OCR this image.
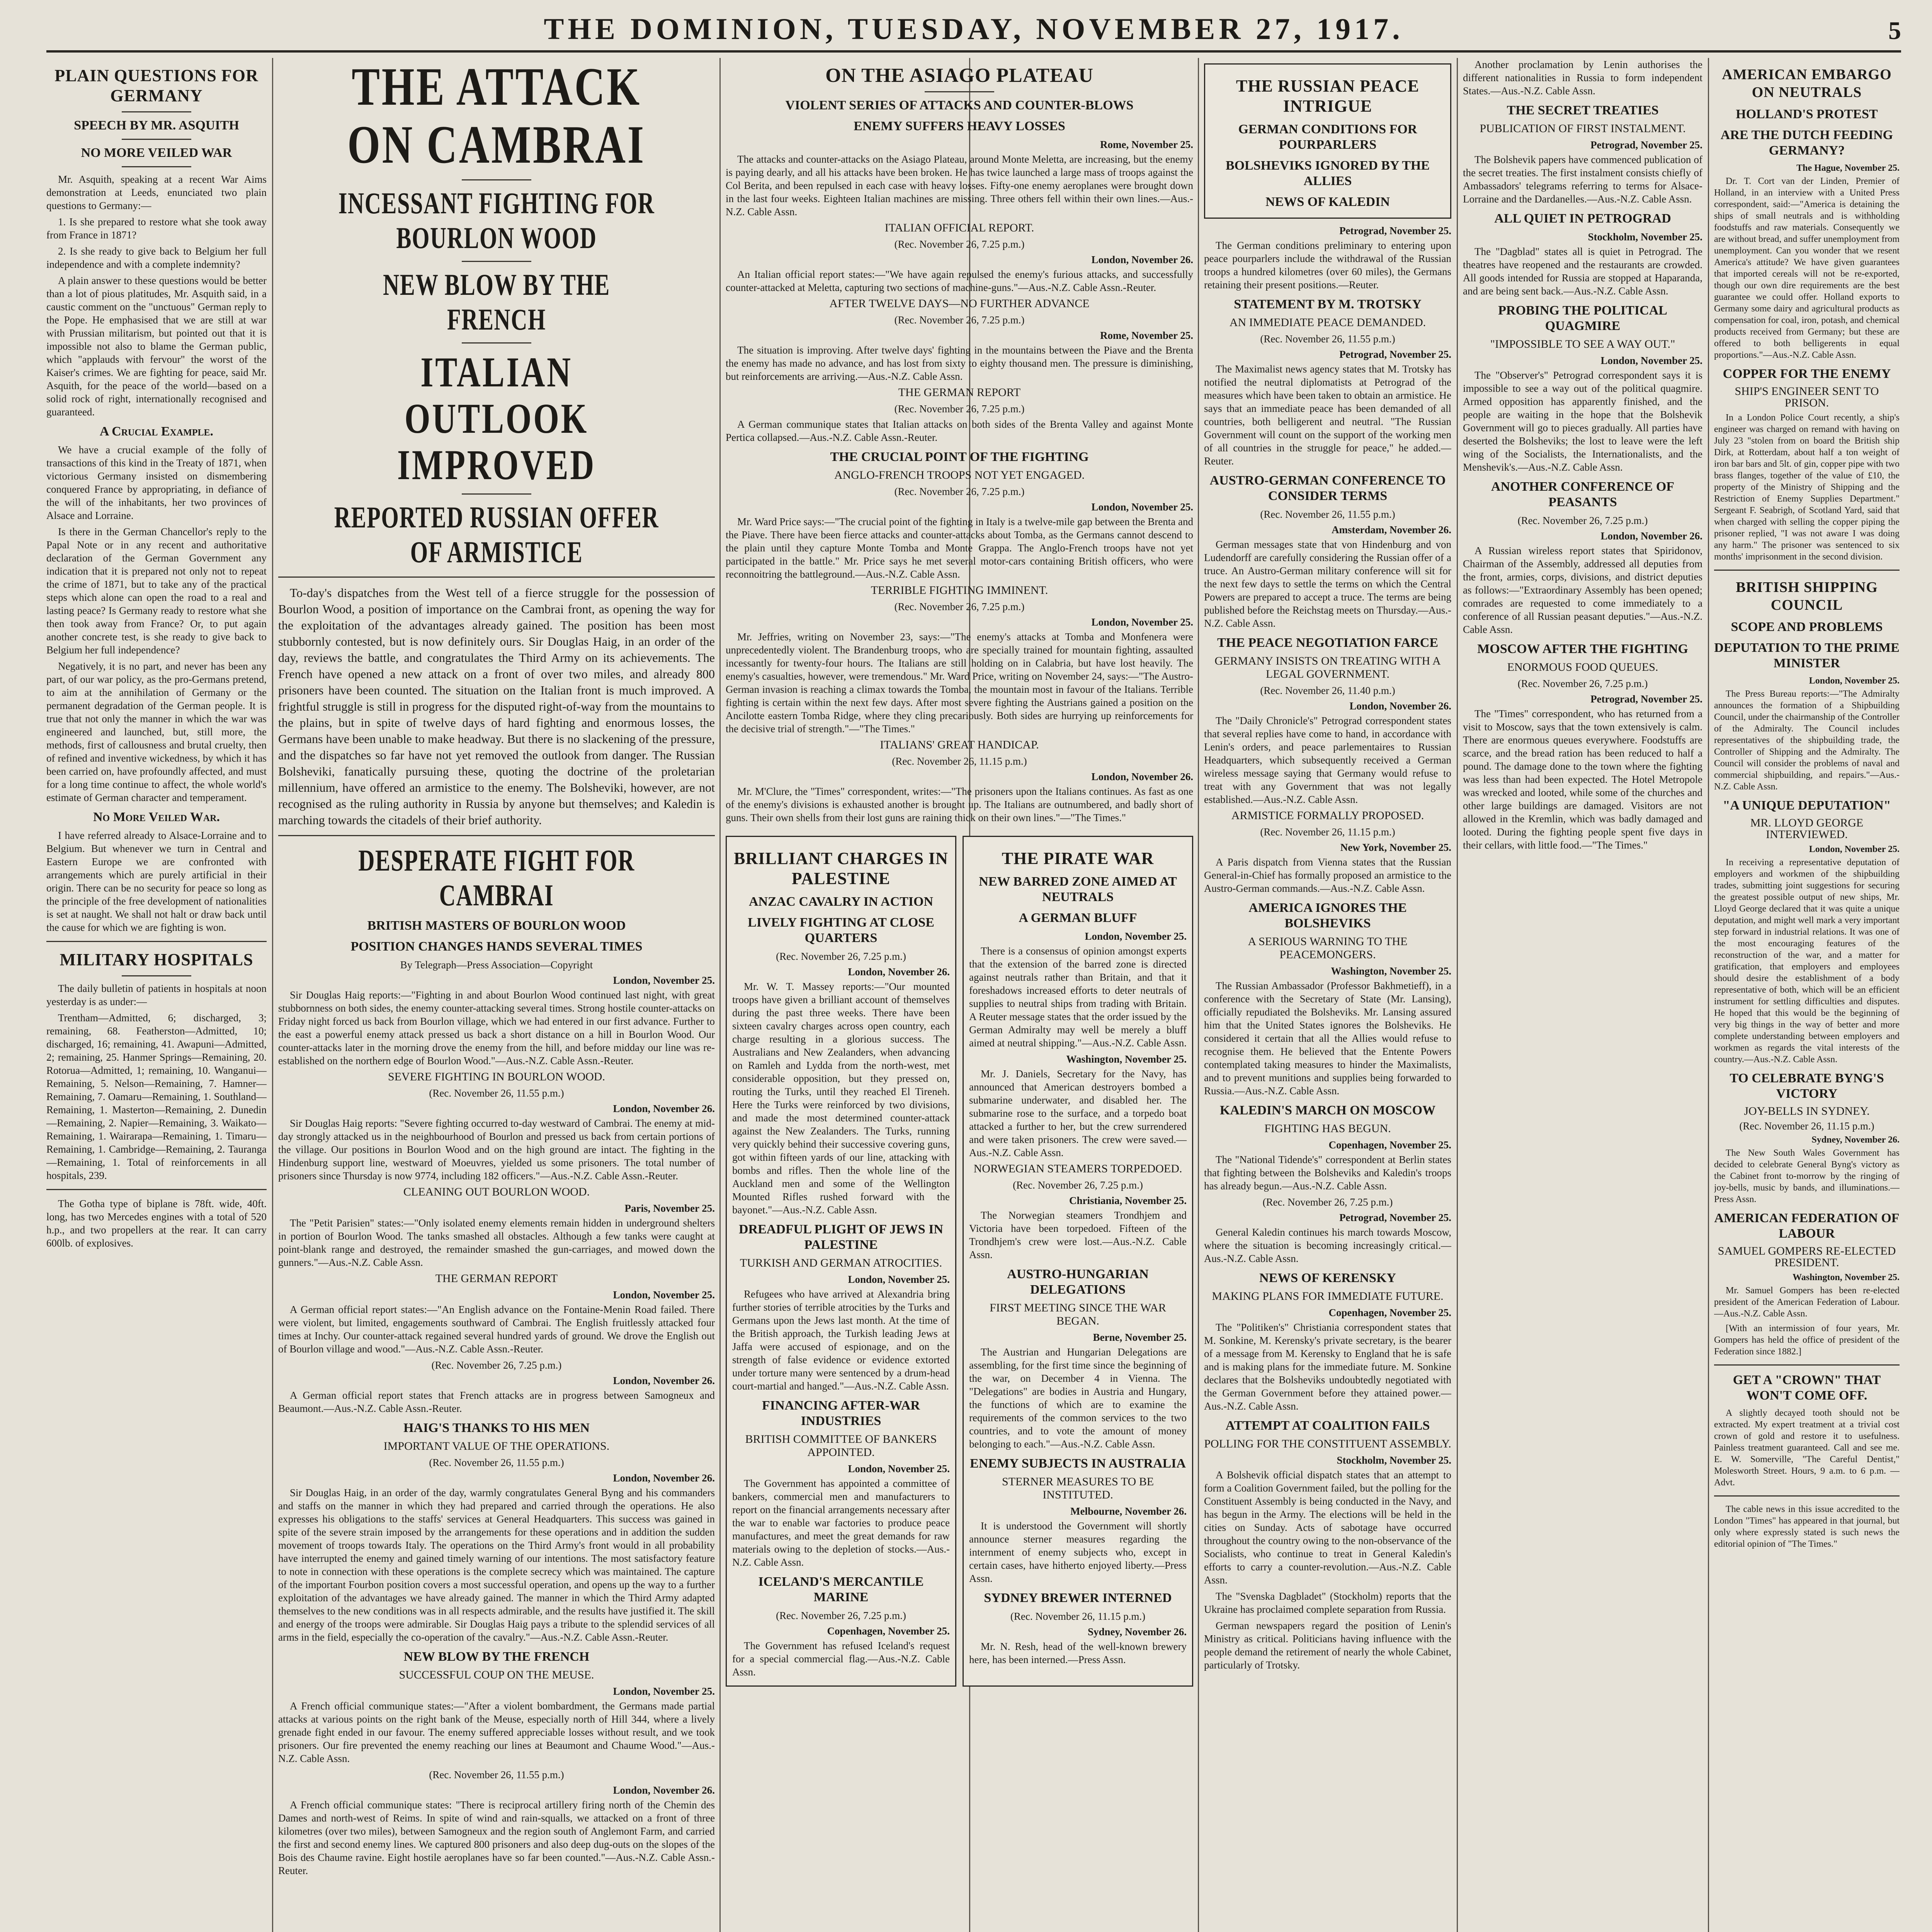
THE DOMINION, TUESDAY, NOVEMBER 27, 1917.	5
PLAIN QUESTIONS FOR GERMANY
SPEECH BY MR. ASQUITH
NO MORE VEILED WAR

Mr. Asquith, speaking at a recent War Aims demonstration at Leeds, enunciated two plain questions to Germany:—

1. Is she prepared to restore what she took away from France in 1871?

2. Is she ready to give back to Belgium her full independence and with a complete indemnity?

A plain answer to these questions would be better than a lot of pious platitudes, Mr. Asquith said, in a caustic comment on the "unctuous" German reply to the Pope. He emphasised that we are still at war with Prussian militarism, but pointed out that it is impossible not also to blame the German public, which "applauds with fervour" the worst of the Kaiser's crimes. We are fighting for peace, said Mr. Asquith, for the peace of the world—based on a solid rock of right, internationally recognised and guaranteed.

A Crucial Example.

We have a crucial example of the folly of transactions of this kind in the Treaty of 1871, when victorious Germany insisted on dismembering conquered France by appropriating, in defiance of the will of the inhabitants, her two provinces of Alsace and Lorraine.

Is there in the German Chancellor's reply to the Papal Note or in any recent and authoritative declaration of the German Government any indication that it is prepared not only not to repeat the crime of 1871, but to take any of the practical steps which alone can open the road to a real and lasting peace? Is Germany ready to restore what she then took away from France? Or, to put again another concrete test, is she ready to give back to Belgium her full independence?

Negatively, it is no part, and never has been any part, of our war policy, as the pro-Germans pretend, to aim at the annihilation of Germany or the permanent degradation of the German people. It is true that not only the manner in which the war was engineered and launched, but, still more, the methods, first of callousness and brutal cruelty, then of refined and inventive wickedness, by which it has been carried on, have profoundly affected, and must for a long time continue to affect, the whole world's estimate of German character and temperament.

No More Veiled War.

I have referred already to Alsace-Lorraine and to Belgium. But whenever we turn in Central and Eastern Europe we are confronted with arrangements which are purely artificial in their origin. There can be no security for peace so long as the principle of the free development of nationalities is set at naught. We shall not halt or draw back until the cause for which we are fighting is won.

MILITARY HOSPITALS

The daily bulletin of patients in hospitals at noon yesterday is as under:—

Trentham—Admitted, 6; discharged, 3; remaining, 68. Featherston—Admitted, 10; discharged, 16; remaining, 41. Awapuni—Admitted, 2; remaining, 25. Hanmer Springs—Remaining, 20. Rotorua—Admitted, 1; remaining, 10. Wanganui—Remaining, 5. Nelson—Remaining, 7. Hamner—Remaining, 7. Oamaru—Remaining, 1. Southland—Remaining, 1. Masterton—Remaining, 2. Dunedin—Remaining, 2. Napier—Remaining, 3. Waikato—Remaining, 1. Wairarapa—Remaining, 1. Timaru—Remaining, 1. Cambridge—Remaining, 2. Tauranga—Remaining, 1. Total of reinforcements in all hospitals, 239.

The Gotha type of biplane is 78ft. wide, 40ft. long, has two Mercedes engines with a total of 520 h.p., and two propellers at the rear. It can carry 600lb. of explosives.

THE ATTACK ON CAMBRAI
INCESSANT FIGHTING FOR BOURLON WOOD
NEW BLOW BY THE FRENCH
ITALIAN OUTLOOK IMPROVED
REPORTED RUSSIAN OFFER OF ARMISTICE

To-day's dispatches from the West tell of a fierce struggle for the possession of Bourlon Wood, a position of importance on the Cambrai front, as opening the way for the exploitation of the advantages already gained. The position has been most stubbornly contested, but is now definitely ours. Sir Douglas Haig, in an order of the day, reviews the battle, and congratulates the Third Army on its achievements. The French have opened a new attack on a front of over two miles, and already 800 prisoners have been counted. The situation on the Italian front is much improved. A frightful struggle is still in progress for the disputed right-of-way from the mountains to the plains, but in spite of twelve days of hard fighting and enormous losses, the Germans have been unable to make headway. But there is no slackening of the pressure, and the dispatches so far have not yet removed the outlook from danger. The Russian Bolsheviki, fanatically pursuing these, quoting the doctrine of the proletarian millennium, have offered an armistice to the enemy. The Bolsheviki, however, are not recognised as the ruling authority in Russia by anyone but themselves; and Kaledin is marching towards the citadels of their brief authority.

DESPERATE FIGHT FOR CAMBRAI
BRITISH MASTERS OF BOURLON WOOD
POSITION CHANGES HANDS SEVERAL TIMES
By Telegraph—Press Association—Copyright
London, November 25.

Sir Douglas Haig reports:—"Fighting in and about Bourlon Wood continued last night, with great stubbornness on both sides, the enemy counter-attacking several times. Strong hostile counter-attacks on Friday night forced us back from Bourlon village, which we had entered in our first advance. Further to the east a powerful enemy attack pressed us back a short distance on a hill in Bourlon Wood. Our counter-attacks later in the morning drove the enemy from the hill, and before midday our line was re-established on the northern edge of Bourlon Wood."—Aus.-N.Z. Cable Assn.-Reuter.

SEVERE FIGHTING IN BOURLON WOOD.
(Rec. November 26, 11.55 p.m.)
London, November 26.

Sir Douglas Haig reports: "Severe fighting occurred to-day westward of Cambrai. The enemy at mid-day strongly attacked us in the neighbourhood of Bourlon and pressed us back from certain portions of the village. Our positions in Bourlon Wood and on the high ground are intact. The fighting in the Hindenburg support line, westward of Moeuvres, yielded us some prisoners. The total number of prisoners since Thursday is now 9774, including 182 officers."—Aus.-N.Z. Cable Assn.-Reuter.

CLEANING OUT BOURLON WOOD.
Paris, November 25.

The "Petit Parisien" states:—"Only isolated enemy elements remain hidden in underground shelters in portion of Bourlon Wood. The tanks smashed all obstacles. Although a few tanks were caught at point-blank range and destroyed, the remainder smashed the gun-carriages, and mowed down the gunners."—Aus.-N.Z. Cable Assn.

THE GERMAN REPORT
London, November 25.

A German official report states:—"An English advance on the Fontaine-Menin Road failed. There were violent, but limited, engagements southward of Cambrai. The English fruitlessly attacked four times at Inchy. Our counter-attack regained several hundred yards of ground. We drove the English out of Bourlon village and wood."—Aus.-N.Z. Cable Assn.-Reuter.

(Rec. November 26, 7.25 p.m.)
London, November 26.

A German official report states that French attacks are in progress between Samogneux and Beaumont.—Aus.-N.Z. Cable Assn.-Reuter.

HAIG'S THANKS TO HIS MEN
IMPORTANT VALUE OF THE OPERATIONS.
(Rec. November 26, 11.55 p.m.)
London, November 26.

Sir Douglas Haig, in an order of the day, warmly congratulates General Byng and his commanders and staffs on the manner in which they had prepared and carried through the operations. He also expresses his obligations to the staffs' services at General Headquarters. This success was gained in spite of the severe strain imposed by the arrangements for these operations and in addition the sudden movement of troops towards Italy. The operations on the Third Army's front would in all probability have interrupted the enemy and gained timely warning of our intentions. The most satisfactory feature to note in connection with these operations is the complete secrecy which was maintained. The capture of the important Fourbon position covers a most successful operation, and opens up the way to a further exploitation of the advantages we have already gained. The manner in which the Third Army adapted themselves to the new conditions was in all respects admirable, and the results have justified it. The skill and energy of the troops were admirable. Sir Douglas Haig pays a tribute to the splendid services of all arms in the field, especially the co-operation of the cavalry."—Aus.-N.Z. Cable Assn.-Reuter.

NEW BLOW BY THE FRENCH
SUCCESSFUL COUP ON THE MEUSE.
London, November 25.

A French official communique states:—"After a violent bombardment, the Germans made partial attacks at various points on the right bank of the Meuse, especially north of Hill 344, where a lively grenade fight ended in our favour. The enemy suffered appreciable losses without result, and we took prisoners. Our fire prevented the enemy reaching our lines at Beaumont and Chaume Wood."—Aus.-N.Z. Cable Assn.

(Rec. November 26, 11.55 p.m.)
London, November 26.

A French official communique states: "There is reciprocal artillery firing north of the Chemin des Dames and north-west of Reims. In spite of wind and rain-squalls, we attacked on a front of three kilometres (over two miles), between Samogneux and the region south of Anglemont Farm, and carried the first and second enemy lines. We captured 800 prisoners and also deep dug-outs on the slopes of the Bois des Chaume ravine. Eight hostile aeroplanes have so far been counted."—Aus.-N.Z. Cable Assn.-Reuter.

ON THE ASIAGO PLATEAU
VIOLENT SERIES OF ATTACKS AND COUNTER-BLOWS
ENEMY SUFFERS HEAVY LOSSES
Rome, November 25.

The attacks and counter-attacks on the Asiago Plateau, around Monte Meletta, are increasing, but the enemy is paying dearly, and all his attacks have been broken. He has twice launched a large mass of troops against the Col Berita, and been repulsed in each case with heavy losses. Fifty-one enemy aeroplanes were brought down in the last four weeks. Eighteen Italian machines are missing. Three others fell within their own lines.—Aus.-N.Z. Cable Assn.

ITALIAN OFFICIAL REPORT.
(Rec. November 26, 7.25 p.m.)
London, November 26.

An Italian official report states:—"We have again repulsed the enemy's furious attacks, and successfully counter-attacked at Meletta, capturing two sections of machine-guns."—Aus.-N.Z. Cable Assn.-Reuter.

AFTER TWELVE DAYS—NO FURTHER ADVANCE
(Rec. November 26, 7.25 p.m.)
Rome, November 25.

The situation is improving. After twelve days' fighting in the mountains between the Piave and the Brenta the enemy has made no advance, and has lost from sixty to eighty thousand men. The pressure is diminishing, but reinforcements are arriving.—Aus.-N.Z. Cable Assn.

THE GERMAN REPORT
(Rec. November 26, 7.25 p.m.)

A German communique states that Italian attacks on both sides of the Brenta Valley and against Monte Pertica collapsed.—Aus.-N.Z. Cable Assn.-Reuter.

THE CRUCIAL POINT OF THE FIGHTING
ANGLO-FRENCH TROOPS NOT YET ENGAGED.
(Rec. November 26, 7.25 p.m.)
London, November 25.

Mr. Ward Price says:—"The crucial point of the fighting in Italy is a twelve-mile gap between the Brenta and the Piave. There have been fierce attacks and counter-attacks about Tomba, as the Germans cannot descend to the plain until they capture Monte Tomba and Monte Grappa. The Anglo-French troops have not yet participated in the battle." Mr. Price says he met several motor-cars containing British officers, who were reconnoitring the battleground.—Aus.-N.Z. Cable Assn.

TERRIBLE FIGHTING IMMINENT.
(Rec. November 26, 7.25 p.m.)
London, November 25.

Mr. Jeffries, writing on November 23, says:—"The enemy's attacks at Tomba and Monfenera were unprecedentedly violent. The Brandenburg troops, who are specially trained for mountain fighting, assaulted incessantly for twenty-four hours. The Italians are still holding on in Calabria, but have lost heavily. The enemy's casualties, however, were tremendous." Mr. Ward Price, writing on November 24, says:—"The Austro-German invasion is reaching a climax towards the Tomba, the mountain most in favour of the Italians. Terrible fighting is certain within the next few days. After most severe fighting the Austrians gained a position on the Ancilotte eastern Tomba Ridge, where they cling precariously. Both sides are hurrying up reinforcements for the decisive trial of strength."—"The Times."

ITALIANS' GREAT HANDICAP.
(Rec. November 26, 11.15 p.m.)
London, November 26.

Mr. M'Clure, the "Times" correspondent, writes:—"The prisoners upon the Italians continues. As fast as one of the enemy's divisions is exhausted another is brought up. The Italians are outnumbered, and badly short of guns. Their own shells from their lost guns are raining thick on their own lines."—"The Times."

BRILLIANT CHARGES IN PALESTINE
ANZAC CAVALRY IN ACTION
LIVELY FIGHTING AT CLOSE QUARTERS
(Rec. November 26, 7.25 p.m.)
London, November 26.

Mr. W. T. Massey reports:—"Our mounted troops have given a brilliant account of themselves during the past three weeks. There have been sixteen cavalry charges across open country, each charge resulting in a glorious success. The Australians and New Zealanders, when advancing on Ramleh and Lydda from the north-west, met considerable opposition, but they pressed on, routing the Turks, until they reached El Tireneh. Here the Turks were reinforced by two divisions, and made the most determined counter-attack against the New Zealanders. The Turks, running very quickly behind their successive covering guns, got within fifteen yards of our line, attacking with bombs and rifles. Then the whole line of the Auckland men and some of the Wellington Mounted Rifles rushed forward with the bayonet."—Aus.-N.Z. Cable Assn.

DREADFUL PLIGHT OF JEWS IN PALESTINE
TURKISH AND GERMAN ATROCITIES.
London, November 25.

Refugees who have arrived at Alexandria bring further stories of terrible atrocities by the Turks and Germans upon the Jews last month. At the time of the British approach, the Turkish leading Jews at Jaffa were accused of espionage, and on the strength of false evidence or evidence extorted under torture many were sentenced by a drum-head court-martial and hanged."—Aus.-N.Z. Cable Assn.

FINANCING AFTER-WAR INDUSTRIES
BRITISH COMMITTEE OF BANKERS APPOINTED.
London, November 25.

The Government has appointed a committee of bankers, commercial men and manufacturers to report on the financial arrangements necessary after the war to enable war factories to produce peace manufactures, and meet the great demands for raw materials owing to the depletion of stocks.—Aus.-N.Z. Cable Assn.

ICELAND'S MERCANTILE MARINE
(Rec. November 26, 7.25 p.m.)
Copenhagen, November 25.

The Government has refused Iceland's request for a special commercial flag.—Aus.-N.Z. Cable Assn.

THE PIRATE WAR
NEW BARRED ZONE AIMED AT NEUTRALS
A GERMAN BLUFF
London, November 25.

There is a consensus of opinion amongst experts that the extension of the barred zone is directed against neutrals rather than Britain, and that it foreshadows increased efforts to deter neutrals of supplies to neutral ships from trading with Britain. A Reuter message states that the order issued by the German Admiralty may well be merely a bluff aimed at neutral shipping."—Aus.-N.Z. Cable Assn.

Washington, November 25.

Mr. J. Daniels, Secretary for the Navy, has announced that American destroyers bombed a submarine underwater, and disabled her. The submarine rose to the surface, and a torpedo boat attacked a further to her, but the crew surrendered and were taken prisoners. The crew were saved.—Aus.-N.Z. Cable Assn.

NORWEGIAN STEAMERS TORPEDOED.
(Rec. November 26, 7.25 p.m.)
Christiania, November 25.

The Norwegian steamers Trondhjem and Victoria have been torpedoed. Fifteen of the Trondhjem's crew were lost.—Aus.-N.Z. Cable Assn.

AUSTRO-HUNGARIAN DELEGATIONS
FIRST MEETING SINCE THE WAR BEGAN.
Berne, November 25.

The Austrian and Hungarian Delegations are assembling, for the first time since the beginning of the war, on December 4 in Vienna. The "Delegations" are bodies in Austria and Hungary, the functions of which are to examine the requirements of the common services to the two countries, and to vote the amount of money belonging to each."—Aus.-N.Z. Cable Assn.

ENEMY SUBJECTS IN AUSTRALIA
STERNER MEASURES TO BE INSTITUTED.
Melbourne, November 26.

It is understood the Government will shortly announce sterner measures regarding the internment of enemy subjects who, except in certain cases, have hitherto enjoyed liberty.—Press Assn.

SYDNEY BREWER INTERNED
(Rec. November 26, 11.15 p.m.)
Sydney, November 26.

Mr. N. Resh, head of the well-known brewery here, has been interned.—Press Assn.

THE RUSSIAN PEACE INTRIGUE
GERMAN CONDITIONS FOR POURPARLERS
BOLSHEVIKS IGNORED BY THE ALLIES
NEWS OF KALEDIN
Petrograd, November 25.

The German conditions preliminary to entering upon peace pourparlers include the withdrawal of the Russian troops a hundred kilometres (over 60 miles), the Germans retaining their present positions.—Reuter.

STATEMENT BY M. TROTSKY
AN IMMEDIATE PEACE DEMANDED.
(Rec. November 26, 11.55 p.m.)
Petrograd, November 25.

The Maximalist news agency states that M. Trotsky has notified the neutral diplomatists at Petrograd of the measures which have been taken to obtain an armistice. He says that an immediate peace has been demanded of all countries, both belligerent and neutral. "The Russian Government will count on the support of the working men of all countries in the struggle for peace," he added.—Reuter.

AUSTRO-GERMAN CONFERENCE TO CONSIDER TERMS
(Rec. November 26, 11.55 p.m.)
Amsterdam, November 26.

German messages state that von Hindenburg and von Ludendorff are carefully considering the Russian offer of a truce. An Austro-German military conference will sit for the next few days to settle the terms on which the Central Powers are prepared to accept a truce. The terms are being published before the Reichstag meets on Thursday.—Aus.-N.Z. Cable Assn.

THE PEACE NEGOTIATION FARCE
GERMANY INSISTS ON TREATING WITH A LEGAL GOVERNMENT.
(Rec. November 26, 11.40 p.m.)
London, November 26.

The "Daily Chronicle's" Petrograd correspondent states that several replies have come to hand, in accordance with Lenin's orders, and peace parlementaires to Russian Headquarters, which subsequently received a German wireless message saying that Germany would refuse to treat with any Government that was not legally established.—Aus.-N.Z. Cable Assn.

ARMISTICE FORMALLY PROPOSED.
(Rec. November 26, 11.15 p.m.)
New York, November 25.

A Paris dispatch from Vienna states that the Russian General-in-Chief has formally proposed an armistice to the Austro-German commands.—Aus.-N.Z. Cable Assn.

AMERICA IGNORES THE BOLSHEVIKS
A SERIOUS WARNING TO THE PEACEMONGERS.
Washington, November 25.

The Russian Ambassador (Professor Bakhmetieff), in a conference with the Secretary of State (Mr. Lansing), officially repudiated the Bolsheviks. Mr. Lansing assured him that the United States ignores the Bolsheviks. He considered it certain that all the Allies would refuse to recognise them. He believed that the Entente Powers contemplated taking measures to hinder the Maximalists, and to prevent munitions and supplies being forwarded to Russia.—Aus.-N.Z. Cable Assn.

KALEDIN'S MARCH ON MOSCOW
FIGHTING HAS BEGUN.
Copenhagen, November 25.

The "National Tidende's" correspondent at Berlin states that fighting between the Bolsheviks and Kaledin's troops has already begun.—Aus.-N.Z. Cable Assn.

(Rec. November 26, 7.25 p.m.)
Petrograd, November 25.

General Kaledin continues his march towards Moscow, where the situation is becoming increasingly critical.—Aus.-N.Z. Cable Assn.

NEWS OF KERENSKY
MAKING PLANS FOR IMMEDIATE FUTURE.
Copenhagen, November 25.

The "Politiken's" Christiania correspondent states that M. Sonkine, M. Kerensky's private secretary, is the bearer of a message from M. Kerensky to England that he is safe and is making plans for the immediate future. M. Sonkine declares that the Bolsheviks undoubtedly negotiated with the German Government before they attained power.—Aus.-N.Z. Cable Assn.

ATTEMPT AT COALITION FAILS
POLLING FOR THE CONSTITUENT ASSEMBLY.
Stockholm, November 25.

A Bolshevik official dispatch states that an attempt to form a Coalition Government failed, but the polling for the Constituent Assembly is being conducted in the Navy, and has begun in the Army. The elections will be held in the cities on Sunday. Acts of sabotage have occurred throughout the country owing to the non-observance of the Socialists, who continue to treat in General Kaledin's efforts to carry a counter-revolution.—Aus.-N.Z. Cable Assn.

The "Svenska Dagbladet" (Stockholm) reports that the Ukraine has proclaimed complete separation from Russia.

German newspapers regard the position of Lenin's Ministry as critical. Politicians having influence with the people demand the retirement of nearly the whole Cabinet, particularly of Trotsky.

Another proclamation by Lenin authorises the different nationalities in Russia to form independent States.—Aus.-N.Z. Cable Assn.

THE SECRET TREATIES
PUBLICATION OF FIRST INSTALMENT.
Petrograd, November 25.

The Bolshevik papers have commenced publication of the secret treaties. The first instalment consists chiefly of Ambassadors' telegrams referring to terms for Alsace-Lorraine and the Dardanelles.—Aus.-N.Z. Cable Assn.

ALL QUIET IN PETROGRAD
Stockholm, November 25.

The "Dagblad" states all is quiet in Petrograd. The theatres have reopened and the restaurants are crowded. All goods intended for Russia are stopped at Haparanda, and are being sent back.—Aus.-N.Z. Cable Assn.

PROBING THE POLITICAL QUAGMIRE
"IMPOSSIBLE TO SEE A WAY OUT."
London, November 25.

The "Observer's" Petrograd correspondent says it is impossible to see a way out of the political quagmire. Armed opposition has apparently finished, and the people are waiting in the hope that the Bolshevik Government will go to pieces gradually. All parties have deserted the Bolsheviks; the lost to leave were the left wing of the Socialists, the Internationalists, and the Menshevik's.—Aus.-N.Z. Cable Assn.

ANOTHER CONFERENCE OF PEASANTS
(Rec. November 26, 7.25 p.m.)
London, November 26.

A Russian wireless report states that Spiridonov, Chairman of the Assembly, addressed all deputies from the front, armies, corps, divisions, and district deputies as follows:—"Extraordinary Assembly has been opened; comrades are requested to come immediately to a conference of all Russian peasant deputies."—Aus.-N.Z. Cable Assn.

MOSCOW AFTER THE FIGHTING
ENORMOUS FOOD QUEUES.
(Rec. November 26, 7.25 p.m.)
Petrograd, November 25.

The "Times" correspondent, who has returned from a visit to Moscow, says that the town extensively is calm. There are enormous queues everywhere. Foodstuffs are scarce, and the bread ration has been reduced to half a pound. The damage done to the town where the fighting was less than had been expected. The Hotel Metropole was wrecked and looted, while some of the churches and other large buildings are damaged. Visitors are not allowed in the Kremlin, which was badly damaged and looted. During the fighting people spent five days in their cellars, with little food.—"The Times."

AMERICAN EMBARGO ON NEUTRALS
HOLLAND'S PROTEST
ARE THE DUTCH FEEDING GERMANY?
The Hague, November 25.

Dr. T. Cort van der Linden, Premier of Holland, in an interview with a United Press correspondent, said:—"America is detaining the ships of small neutrals and is withholding foodstuffs and raw materials. Consequently we are without bread, and suffer unemployment from unemployment. Can you wonder that we resent America's attitude? We have given guarantees that imported cereals will not be re-exported, though our own dire requirements are the best guarantee we could offer. Holland exports to Germany some dairy and agricultural products as compensation for coal, iron, potash, and chemical products received from Germany; but these are offered to both belligerents in equal proportions."—Aus.-N.Z. Cable Assn.

COPPER FOR THE ENEMY
SHIP'S ENGINEER SENT TO PRISON.

In a London Police Court recently, a ship's engineer was charged on remand with having on July 23 "stolen from on board the British ship Dirk, at Rotterdam, about half a ton weight of iron bar bars and 5lt. of gin, copper pipe with two brass flanges, together of the value of £10, the property of the Ministry of Shipping and the Restriction of Enemy Supplies Department." Sergeant F. Seabrigh, of Scotland Yard, said that when charged with selling the copper piping the prisoner replied, "I was not aware I was doing any harm." The prisoner was sentenced to six months' imprisonment in the second division.

BRITISH SHIPPING COUNCIL
SCOPE AND PROBLEMS
DEPUTATION TO THE PRIME MINISTER
London, November 25.

The Press Bureau reports:—"The Admiralty announces the formation of a Shipbuilding Council, under the chairmanship of the Controller of the Admiralty. The Council includes representatives of the shipbuilding trade, the Controller of Shipping and the Admiralty. The Council will consider the problems of naval and commercial shipbuilding, and repairs."—Aus.-N.Z. Cable Assn.

"A UNIQUE DEPUTATION"
MR. LLOYD GEORGE INTERVIEWED.
London, November 25.

In receiving a representative deputation of employers and workmen of the shipbuilding trades, submitting joint suggestions for securing the greatest possible output of new ships, Mr. Lloyd George declared that it was quite a unique deputation, and might well mark a very important step forward in industrial relations. It was one of the most encouraging features of the reconstruction of the war, and a matter for gratification, that employers and employees should desire the establishment of a body representative of both, which will be an efficient instrument for settling difficulties and disputes. He hoped that this would be the beginning of very big things in the way of better and more complete understanding between employers and workmen as regards the vital interests of the country.—Aus.-N.Z. Cable Assn.

TO CELEBRATE BYNG'S VICTORY
JOY-BELLS IN SYDNEY.
(Rec. November 26, 11.15 p.m.)
Sydney, November 26.

The New South Wales Government has decided to celebrate General Byng's victory as the Cabinet front to-morrow by the ringing of joy-bells, music by bands, and illuminations.—Press Assn.

AMERICAN FEDERATION OF LABOUR
SAMUEL GOMPERS RE-ELECTED PRESIDENT.
Washington, November 25.

Mr. Samuel Gompers has been re-elected president of the American Federation of Labour.—Aus.-N.Z. Cable Assn.

[With an intermission of four years, Mr. Gompers has held the office of president of the Federation since 1882.]

GET A "CROWN" THAT WON'T COME OFF.

A slightly decayed tooth should not be extracted. My expert treatment at a trivial cost crown of gold and restore it to usefulness. Painless treatment guaranteed. Call and see me. E. W. Somerville, "The Careful Dentist," Molesworth Street. Hours, 9 a.m. to 6 p.m. —Advt.

The cable news in this issue accredited to the London "Times" has appeared in that journal, but only where expressly stated is such news the editorial opinion of "The Times."
